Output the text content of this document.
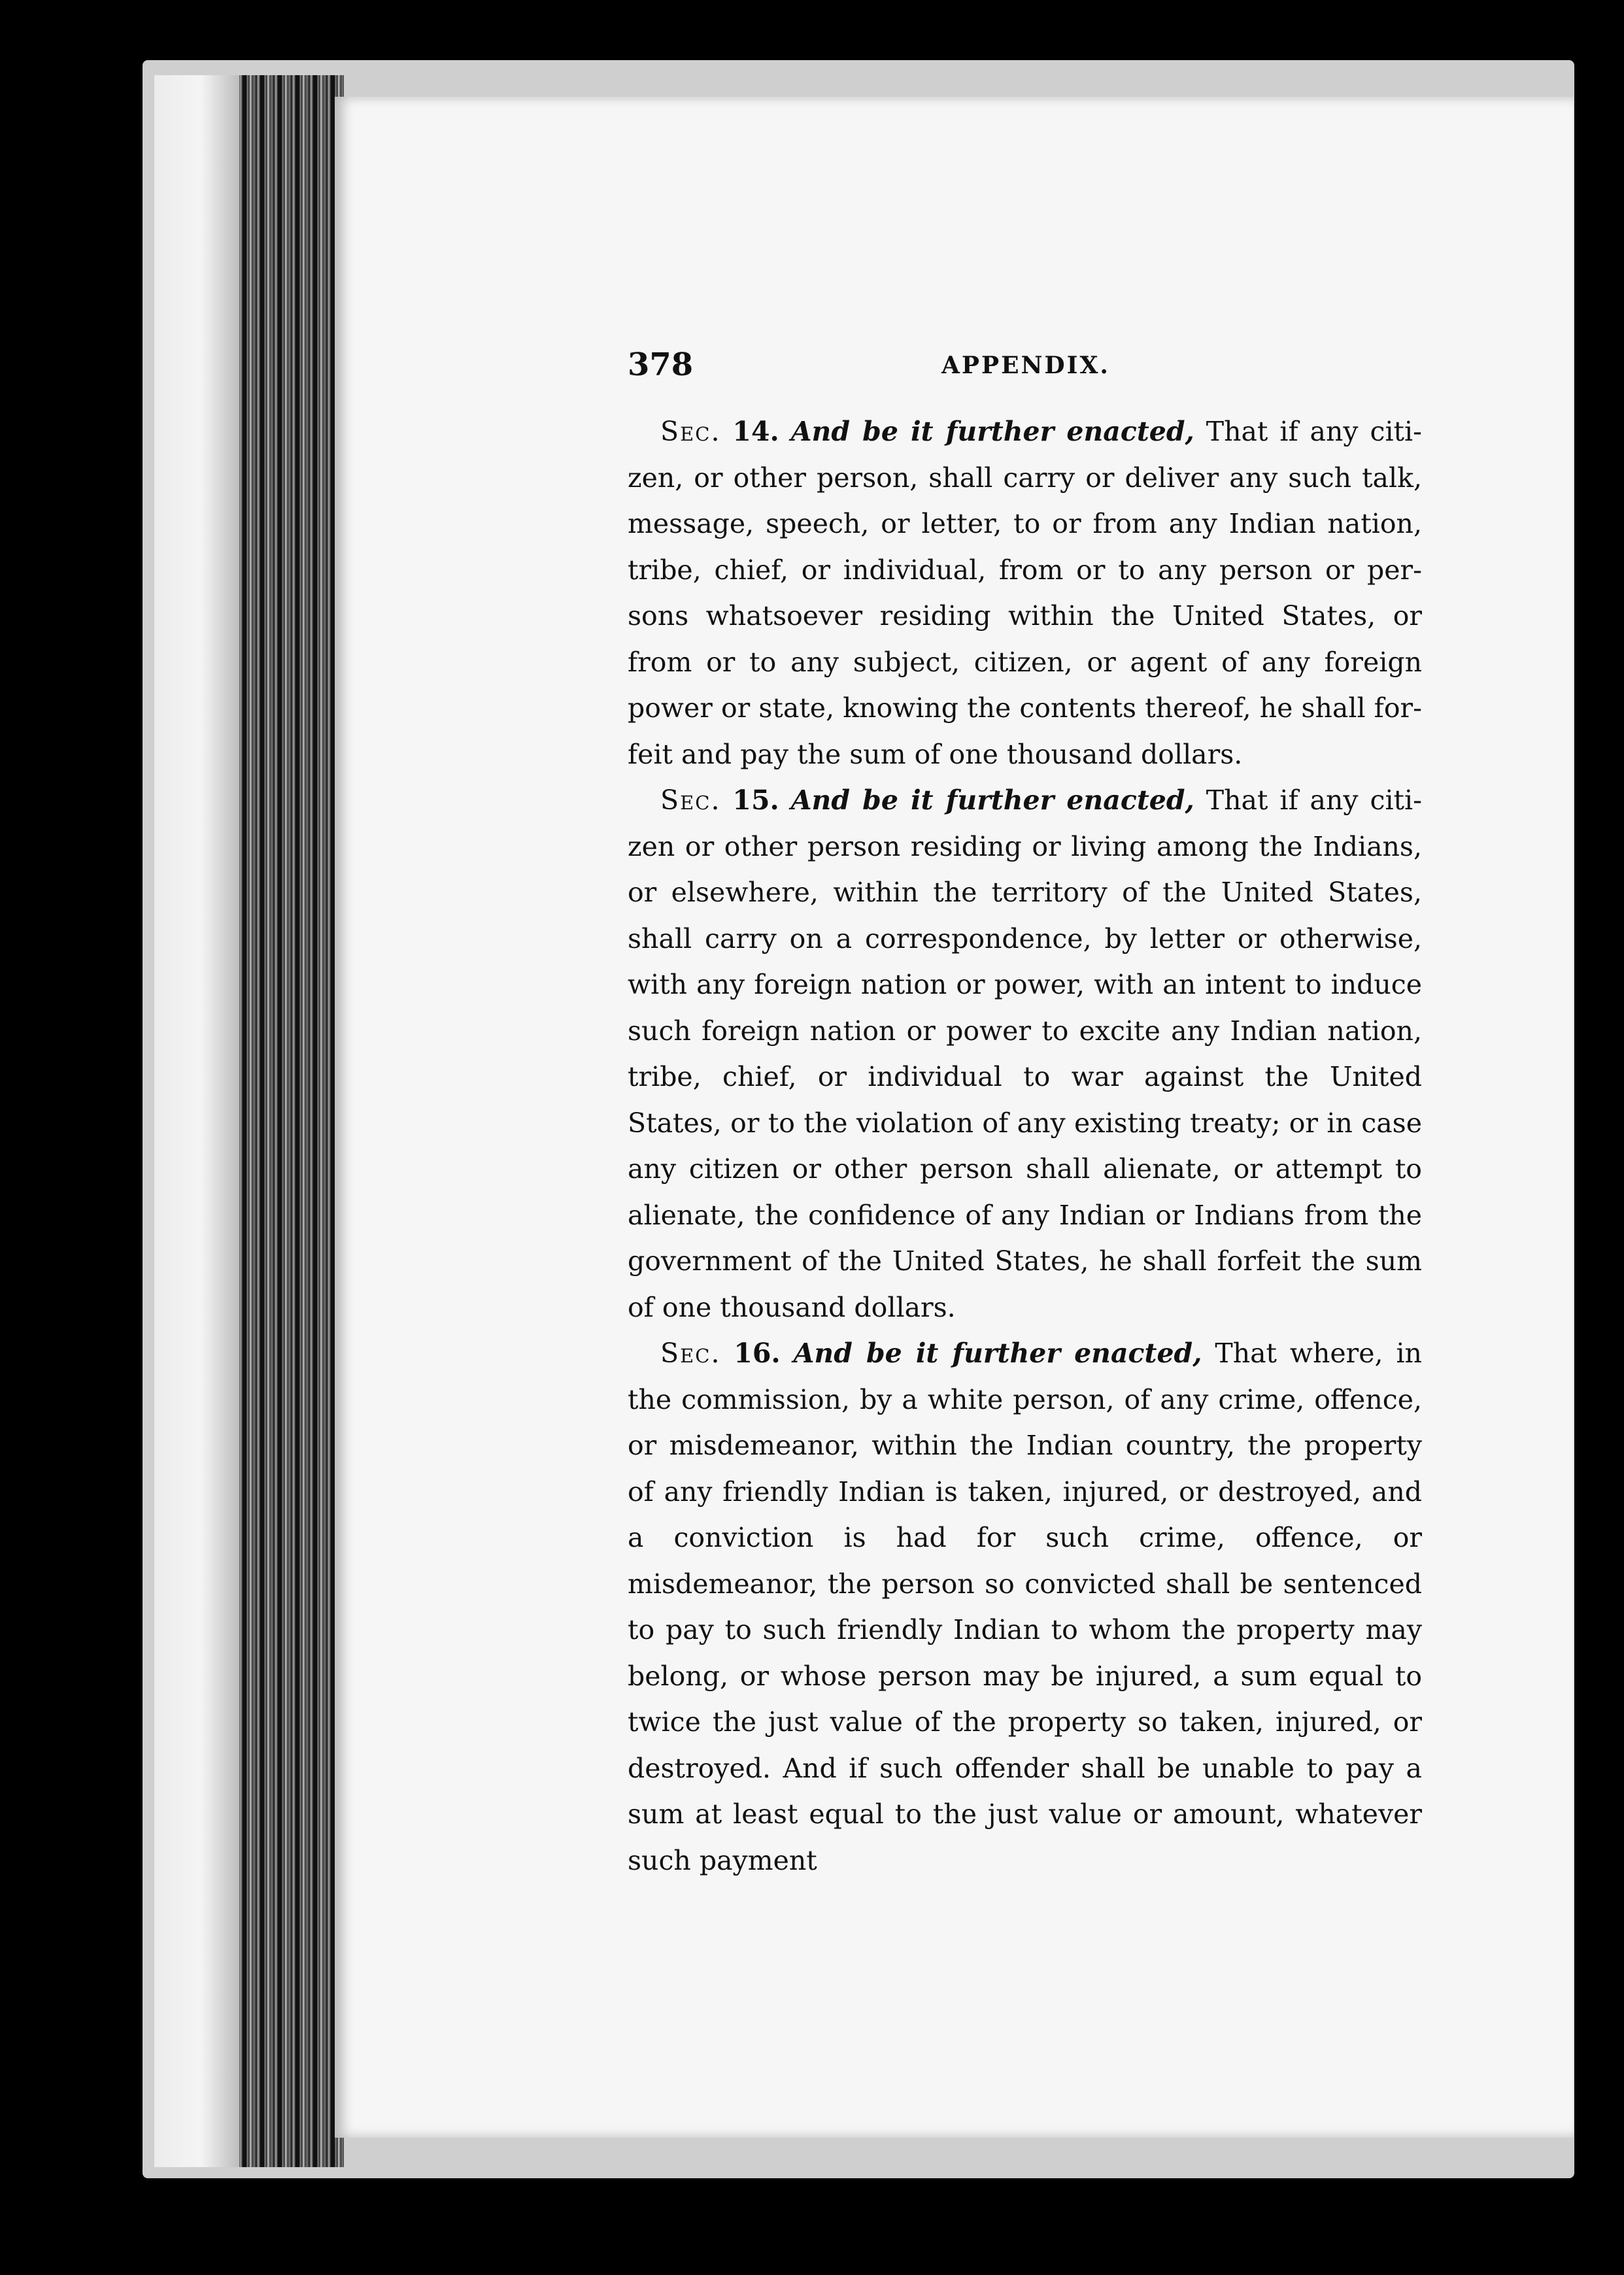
378	APPENDIX.

Sec. 14. And be it further enacted, That if any citizen, or other person, shall carry or deliver any such talk, message, speech, or letter, to or from any Indian nation, tribe, chief, or individual, from or to any person or persons whatsoever residing within the United States, or from or to any subject, citizen, or agent of any foreign power or state, knowing the contents thereof, he shall forfeit and pay the sum of one thousand dollars.

Sec. 15. And be it further enacted, That if any citizen or other person residing or living among the Indians, or elsewhere, within the territory of the United States, shall carry on a correspondence, by letter or otherwise, with any foreign nation or power, with an intent to induce such foreign nation or power to excite any Indian nation, tribe, chief, or individual to war against the United States, or to the violation of any existing treaty; or in case any citizen or other person shall alienate, or attempt to alienate, the confidence of any Indian or Indians from the government of the United States, he shall forfeit the sum of one thousand dollars.

Sec. 16. And be it further enacted, That where, in the commission, by a white person, of any crime, offence, or misdemeanor, within the Indian country, the property of any friendly Indian is taken, injured, or destroyed, and a conviction is had for such crime, offence, or misdemeanor, the person so convicted shall be sentenced to pay to such friendly Indian to whom the property may belong, or whose person may be injured, a sum equal to twice the just value of the property so taken, injured, or destroyed. And if such offender shall be unable to pay a sum at least equal to the just value or amount, whatever such payment
